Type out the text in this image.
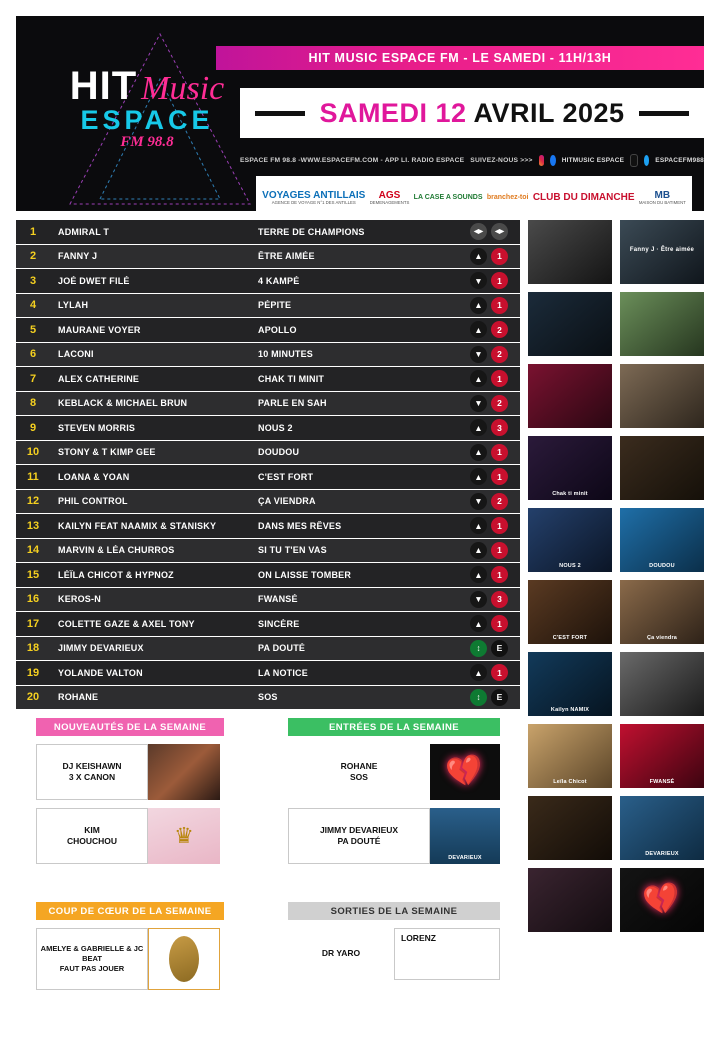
HIT Music
ESPACE
FM 98.8
HIT MUSIC ESPACE FM - LE SAMEDI - 11H/13H
SAMEDI 12 AVRIL 2025
ESPACE FM 98.8 -WWW.ESPACEFM.COM - APP LI. RADIO ESPACE SUIVEZ-NOUS >>>	HITMUSIC ESPACE	ESPACEFM988
VOYAGES ANTILLAIS
AGENCE DE VOYAGE N°1 DES ANTILLES
AGS
DEMENAGEMENTS
LA CASE A SOUNDS branchez-toi CLUB DU DIMANCHE	MB
MAISON DU BATIMENT
1	ADMIRAL T	TERRE DE CHAMPIONS	◀▶	◀▶
2	FANNY J	ÊTRE AIMÉE	▲	1
3	JOÉ DWET FILÉ	4 KAMPÉ	▼	1
4	LYLAH	PÉPITE	▲	1
5	MAURANE VOYER	APOLLO	▲	2
6	LACONI	10 MINUTES	▼	2
7	ALEX CATHERINE	CHAK TI MINIT	▲	1
8	KEBLACK & MICHAEL BRUN	PARLE EN SAH	▼	2
9	STEVEN MORRIS	NOUS 2	▲	3
10	STONY & T KIMP GEE	DOUDOU	▲	1
11	LOANA & YOAN	C'EST FORT	▲	1
12	PHIL CONTROL	ÇA VIENDRA	▼	2
13	KAILYN FEAT NAAMIX & STANISKY	DANS MES RÊVES	▲	1
14	MARVIN & LÉA CHURROS	SI TU T'EN VAS	▲	1
15	LÉÏLA CHICOT & HYPNOZ	ON LAISSE TOMBER	▲	1
16	KEROS-N	FWANSÉ	▼	3
17	COLETTE GAZE & AXEL TONY	SINCÈRE	▲	1
18	JIMMY DEVARIEUX	PA DOUTÉ	↕	E
19	YOLANDE VALTON	LA NOTICE	▲	1
20	ROHANE	SOS	↕	E
NOUVEAUTÉS DE LA SEMAINE
DJ KEISHAWN
3 X CANON
KIM
CHOUCHOU	♛
ENTRÉES DE LA SEMAINE
ROHANE
SOS	💔
JIMMY DEVARIEUX
PA DOUTÉ
DEVARIEUX
COUP DE CŒUR DE LA SEMAINE
AMELYE & GABRIELLE & JC BEAT
FAUT PAS JOUER
SORTIES DE LA SEMAINE
DR YARO
LORENZ
Fanny J · Être aimée
Chak ti minit
NOUS 2	DOUDOU
C'EST FORT	Ça viendra
Kailyn NAMIX
Leïla Chicot	FWANSÉ
DEVARIEUX
💔
